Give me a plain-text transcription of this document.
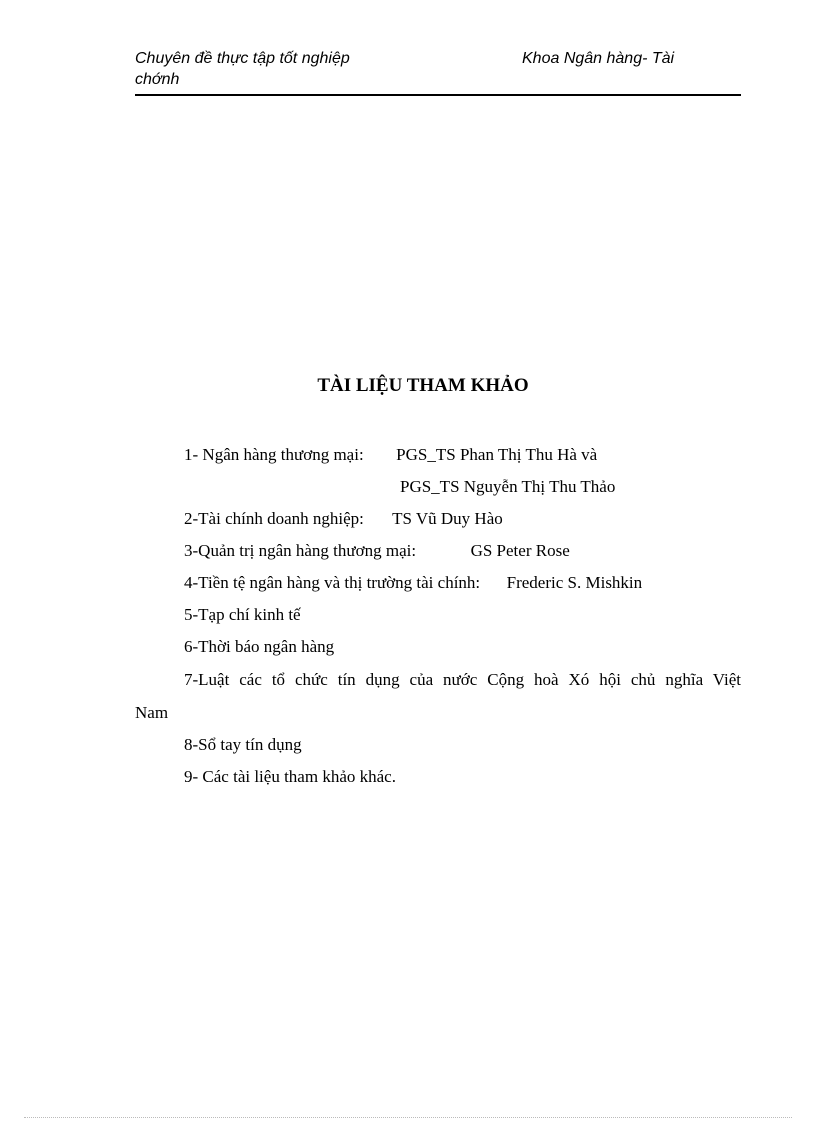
Chuyên đề thực tập tốt nghiệp chớnh
Khoa Ngân hàng- Tài
TÀI LIỆU THAM KHẢO
1- Ngân hàng thương mại: PGS_TS Phan Thị Thu Hà và
PGS_TS Nguyễn Thị Thu Thảo
2-Tài chính doanh nghiệp: TS Vũ Duy Hào
3-Quản trị ngân hàng thương mại:	GS Peter Rose
4-Tiền tệ ngân hàng và thị trường tài chính: Frederic S. Mishkin
5-Tạp chí kinh tế
6-Thời báo ngân hàng
7-Luật các tổ chức tín dụng của nước Cộng hoà Xó hội chủ nghĩa Việt
Nam
8-Sổ tay tín dụng
9- Các tài liệu tham khảo khác.
